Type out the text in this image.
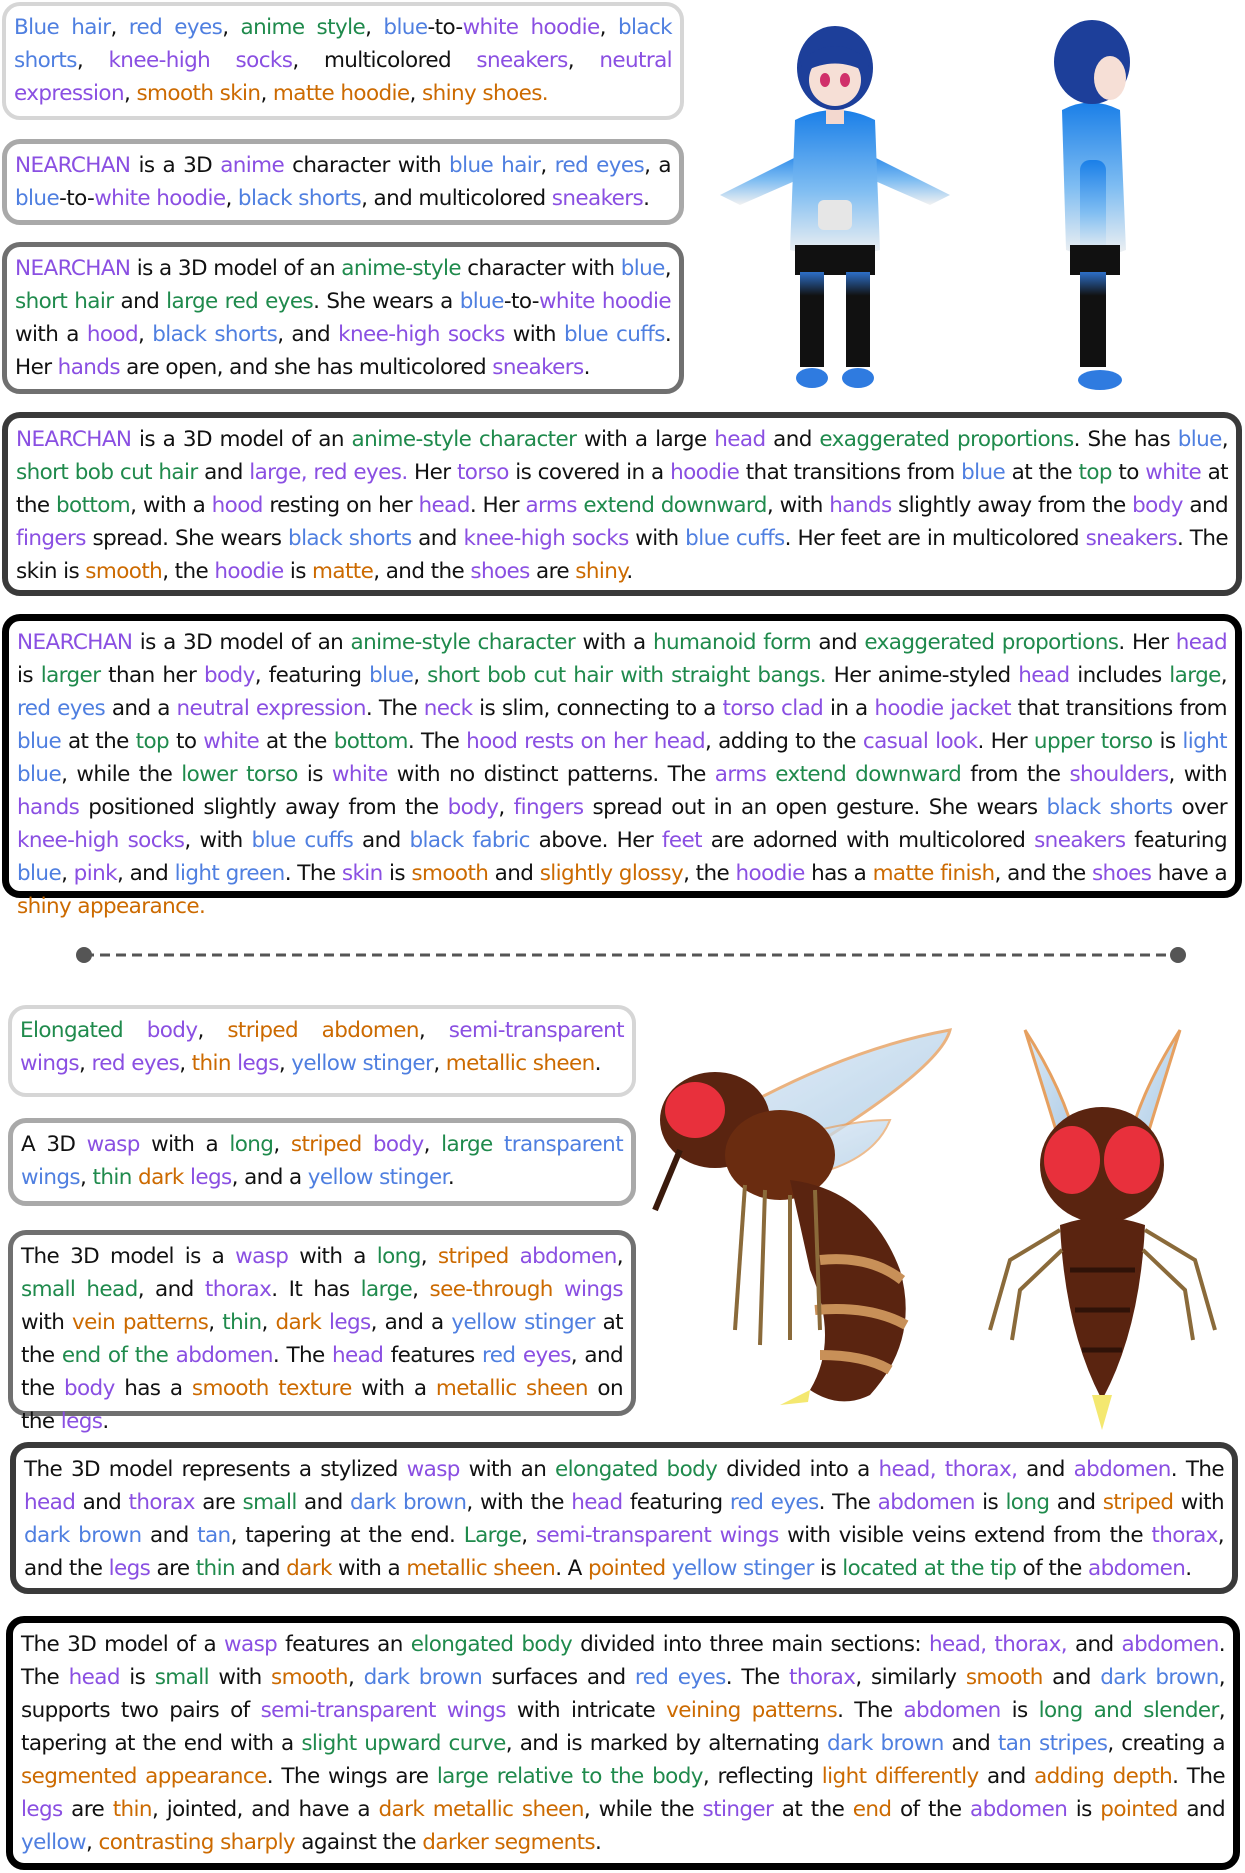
Blue hair, red eyes, anime style, blue-to-white hoodie, black shorts, knee-high socks, multicolored sneakers, neutral expression, smooth skin, matte hoodie, shiny shoes.
NEARCHAN is a 3D anime character with blue hair, red eyes, a blue-to-white hoodie, black shorts, and multicolored sneakers.
NEARCHAN is a 3D model of an anime-style character with blue, short hair and large red eyes. She wears a blue-to-white hoodie with a hood, black shorts, and knee-high socks with blue cuffs. Her hands are open, and she has multicolored sneakers.
NEARCHAN is a 3D model of an anime-style character with a large head and exaggerated proportions. She has blue, short bob cut hair and large, red eyes. Her torso is covered in a hoodie that transitions from blue at the top to white at the bottom, with a hood resting on her head. Her arms extend downward, with hands slightly away from the body and fingers spread. She wears black shorts and knee-high socks with blue cuffs. Her feet are in multicolored sneakers. The skin is smooth, the hoodie is matte, and the shoes are shiny.
NEARCHAN is a 3D model of an anime-style character with a humanoid form and exaggerated proportions. Her head is larger than her body, featuring blue, short bob cut hair with straight bangs. Her anime-styled head includes large, red eyes and a neutral expression. The neck is slim, connecting to a torso clad in a hoodie jacket that transitions from blue at the top to white at the bottom. The hood rests on her head, adding to the casual look. Her upper torso is light blue, while the lower torso is white with no distinct patterns. The arms extend downward from the shoulders, with hands positioned slightly away from the body, fingers spread out in an open gesture. She wears black shorts over knee-high socks, with blue cuffs and black fabric above. Her feet are adorned with multicolored sneakers featuring blue, pink, and light green. The skin is smooth and slightly glossy, the hoodie has a matte finish, and the shoes have a shiny appearance.
Elongated body, striped abdomen, semi-transparent wings, red eyes, thin legs, yellow stinger, metallic sheen.
A 3D wasp with a long, striped body, large transparent wings, thin dark legs, and a yellow stinger.
The 3D model is a wasp with a long, striped abdomen, small head, and thorax. It has large, see-through wings with vein patterns, thin, dark legs, and a yellow stinger at the end of the abdomen. The head features red eyes, and the body has a smooth texture with a metallic sheen on the legs.
The 3D model represents a stylized wasp with an elongated body divided into a head, thorax, and abdomen. The head and thorax are small and dark brown, with the head featuring red eyes. The abdomen is long and striped with dark brown and tan, tapering at the end. Large, semi-transparent wings with visible veins extend from the thorax, and the legs are thin and dark with a metallic sheen. A pointed yellow stinger is located at the tip of the abdomen.
The 3D model of a wasp features an elongated body divided into three main sections: head, thorax, and abdomen. The head is small with smooth, dark brown surfaces and red eyes. The thorax, similarly smooth and dark brown, supports two pairs of semi-transparent wings with intricate veining patterns. The abdomen is long and slender, tapering at the end with a slight upward curve, and is marked by alternating dark brown and tan stripes, creating a segmented appearance. The wings are large relative to the body, reflecting light differently and adding depth. The legs are thin, jointed, and have a dark metallic sheen, while the stinger at the end of the abdomen is pointed and yellow, contrasting sharply against the darker segments.
